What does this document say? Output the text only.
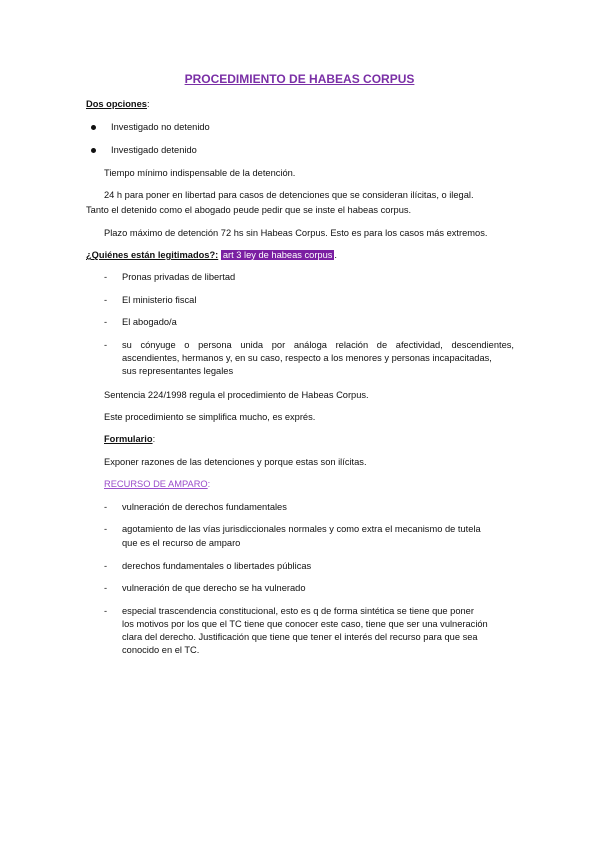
PROCEDIMIENTO DE HABEAS CORPUS
Dos opciones:
Investigado no detenido
Investigado detenido
Tiempo mínimo indispensable de la detención.
24 h para poner en libertad para casos de detenciones que se consideran ilícitas, o ilegal.
Tanto el detenido como el abogado peude pedir que se inste el habeas corpus.
Plazo máximo de detención 72 hs sin Habeas Corpus. Esto es para los casos más extremos.
¿Quiénes están legitimados?: art 3 ley de habeas corpus .
- Pronas privadas de libertad
- El ministerio fiscal
- El abogado/a
- su cónyuge o persona unida por análoga relación de afectividad, descendientes,
ascendientes, hermanos y, en su caso, respecto a los menores y personas incapacitadas,
sus representantes legales
Sentencia 224/1998 regula el procedimiento de Habeas Corpus.
Este procedimiento se simplifica mucho, es exprés.
Formulario:
Exponer razones de las detenciones y porque estas son ilícitas.
RECURSO DE AMPARO:
- vulneración de derechos fundamentales
- agotamiento de las vías jurisdiccionales normales y como extra el mecanismo de tutela
que es el recurso de amparo
- derechos fundamentales o libertades públicas
- vulneración de que derecho se ha vulnerado
- especial trascendencia constitucional, esto es q de forma sintética se tiene que poner
los motivos por los que el TC tiene que conocer este caso, tiene que ser una vulneración
clara del derecho. Justificación que tiene que tener el interés del recurso para que sea
conocido en el TC.
